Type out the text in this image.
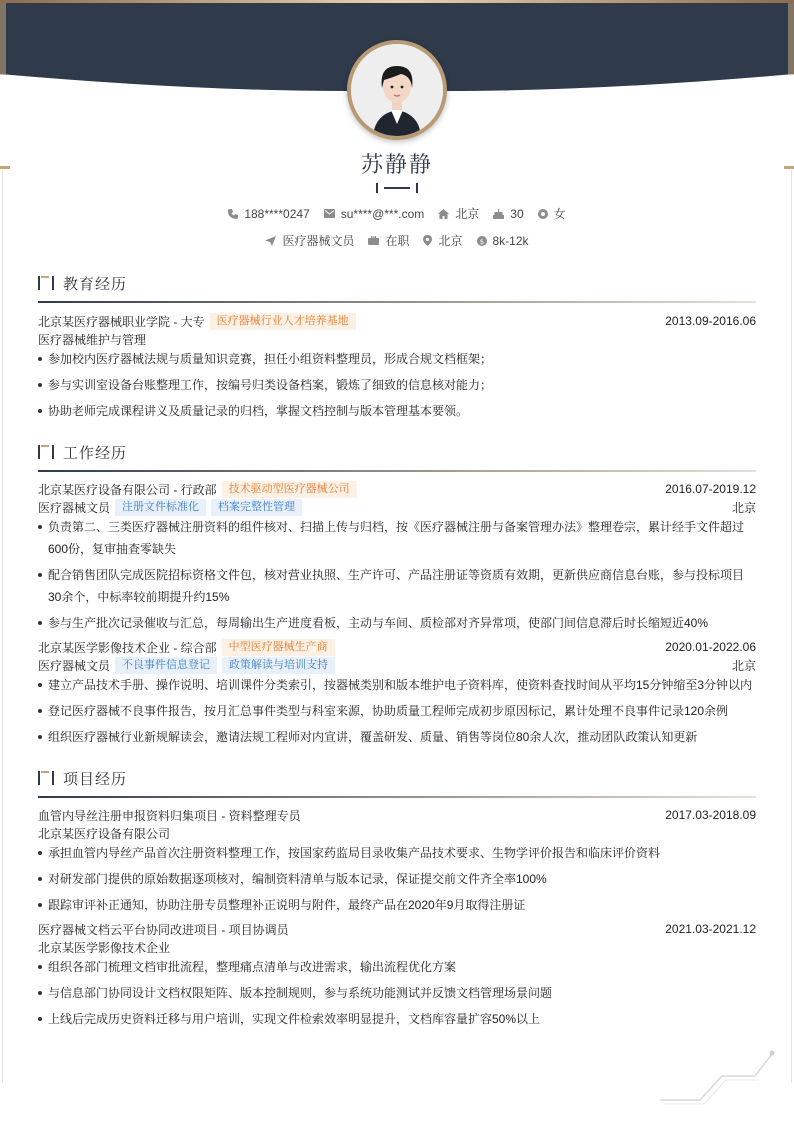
苏静静
188****0247	su****@***.com	北京	30	女
医疗器械文员	在职 北京 $ 8k-12k
教育经历
北京某医疗器械职业学院 - 大专	医疗器械行业人才培养基地	2013.09-2016.06
医疗器械维护与管理
参加校内医疗器械法规与质量知识竞赛，担任小组资料整理员，形成合规文档框架；
参与实训室设备台账整理工作，按编号归类设备档案，锻炼了细致的信息核对能力；
协助老师完成课程讲义及质量记录的归档，掌握文档控制与版本管理基本要领。
工作经历
北京某医疗设备有限公司 - 行政部	技术驱动型医疗器械公司	2016.07-2019.12
医疗器械文员	注册文件标准化	档案完整性管理	北京
负责第二、三类医疗器械注册资料的组件核对、扫描上传与归档，按《医疗器械注册与备案管理办法》整理卷宗，累计经手文件超过
600份，复审抽查零缺失
配合销售团队完成医院招标资格文件包，核对营业执照、生产许可、产品注册证等资质有效期，更新供应商信息台账，参与投标项目
30余个，中标率较前期提升约15%
参与生产批次记录催收与汇总，每周输出生产进度看板，主动与车间、质检部对齐异常项，使部门间信息滞后时长缩短近40%
北京某医学影像技术企业 - 综合部	中型医疗器械生产商	2020.01-2022.06
医疗器械文员	不良事件信息登记	政策解读与培训支持	北京
建立产品技术手册、操作说明、培训课件分类索引，按器械类别和版本维护电子资料库，使资料查找时间从平均15分钟缩至3分钟以内
登记医疗器械不良事件报告，按月汇总事件类型与科室来源，协助质量工程师完成初步原因标记，累计处理不良事件记录120余例
组织医疗器械行业新规解读会，邀请法规工程师对内宣讲，覆盖研发、质量、销售等岗位80余人次，推动团队政策认知更新
项目经历
血管内导丝注册申报资料归集项目 - 资料整理专员	2017.03-2018.09
北京某医疗设备有限公司
承担血管内导丝产品首次注册资料整理工作，按国家药监局目录收集产品技术要求、生物学评价报告和临床评价资料
对研发部门提供的原始数据逐项核对，编制资料清单与版本记录，保证提交前文件齐全率100%
跟踪审评补正通知，协助注册专员整理补正说明与附件，最终产品在2020年9月取得注册证
医疗器械文档云平台协同改进项目 - 项目协调员	2021.03-2021.12
北京某医学影像技术企业
组织各部门梳理文档审批流程，整理痛点清单与改进需求，输出流程优化方案
与信息部门协同设计文档权限矩阵、版本控制规则，参与系统功能测试并反馈文档管理场景问题
上线后完成历史资料迁移与用户培训，实现文件检索效率明显提升，文档库容量扩容50%以上
